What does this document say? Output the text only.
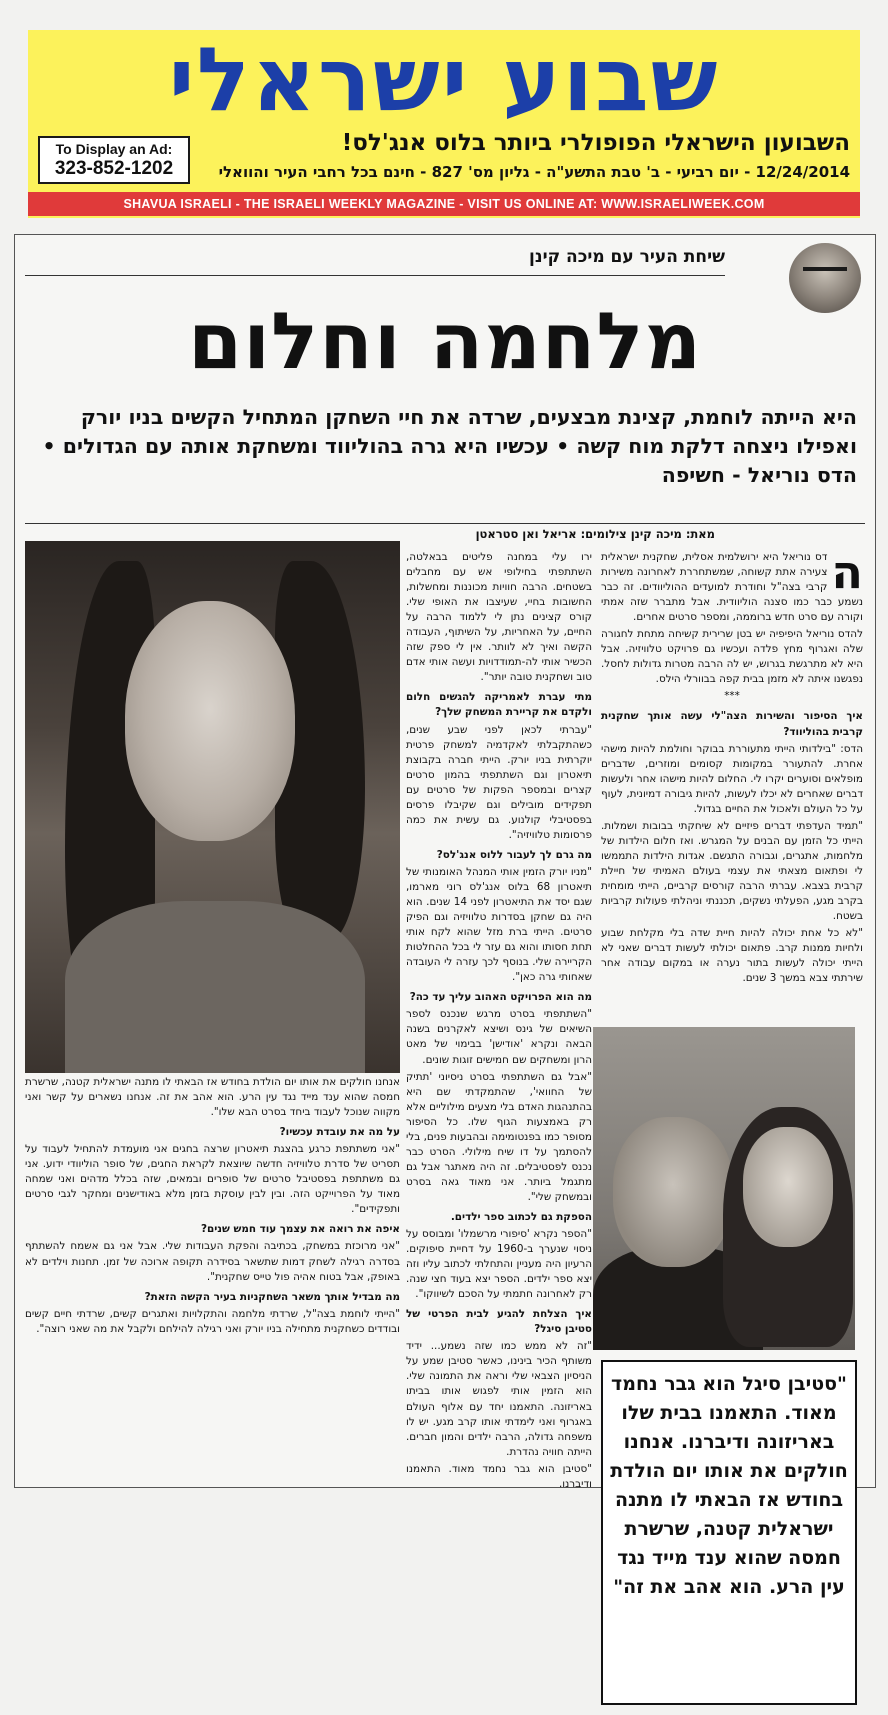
שבוע ישראלי
השבועון הישראלי הפופולרי ביותר בלוס אנג'לס!
12/24/2014 - יום רביעי - ב' טבת התשע"ה - גליון מס' 827 - חינם בכל רחבי העיר והוואלי
To Display an Ad:
323-852-1202
SHAVUA ISRAELI - THE ISRAELI WEEKLY MAGAZINE - VISIT US ONLINE AT: WWW.ISRAELIWEEK.COM
שיחת העיר עם מיכה קינן
מלחמה וחלום
היא הייתה לוחמת, קצינת מבצעים, שרדה את חיי השחקן המתחיל הקשים בניו יורק ואפילו ניצחה דלקת מוח קשה • עכשיו היא גרה בהוליווד ומשחקת אותה עם הגדולים • הדס נוריאל - חשיפה
מאת: מיכה קינן צילומים: אריאל ואן סטראטן
ה

דס נוריאל היא ירושלמית אסלית, שחקנית ישראלית צעירה אתת קשוחה, שמשתחררת לאחרונה משירות קרבי בצה"ל וחודרת למועדים ההוליוודים. זה כבר נשמע כבר כמו סצנה הוליוודית. אבל מתברר שזה אמתי וקורה עם סרט חדש ברוממה, ומספר סרטים אחרים.

להדס נוריאל היפיפיה יש בטן שרירית קשיחה מתחת לחגורה שלה ואגרוף מחץ פלדה ועכשיו גם פרויקט טלוויזיה. אבל היא לא מתרגשת בגרוש, יש לה הרבה מטרות גדולות לחסל. נפגשנו איתה לא מזמן בבית קפה בבוורלי הילס.

***

איך הסיפור והשירות הצה"לי עשה אותך שחקנית קרבית בהוליווד?

הדס: "בילדותי הייתי מתעוררת בבוקר וחולמת להיות מישהי אחרת. להתעורר במקומות קסומים ומוזרים, שדברים מופלאים וסוערים יקרו לי. החלום להיות מישהו אחר ולעשות דברים שאחרים לא יכלו לעשות, להיות גיבורה דמיונית, לעוף על כל העולם ולאכול את החיים בגדול.

"תמיד העדפתי דברים פיזיים לא שיחקתי בבובות ושמלות. הייתי כל הזמן עם הבנים על המגרש. ואז חלום הילדות של מלחמות, אתגרים, וגבורה התגשם. אגדות הילדות התממשו לי ופתאום מצאתי את עצמי בעולם האמיתי של חיילת קרבית בצבא. עברתי הרבה קורסים קרביים, הייתי מומחית בקרב מגע, הפעלתי נשקים, תכננתי וניהלתי פעולות קרביות בשטח.

"לא כל אחת יכולה להיות חיית שדה בלי מקלחת שבוע ולחיות ממנות קרב. פתאום יכולתי לעשות דברים שאני לא הייתי יכולה לעשות בתור נערה או במקום עבודה אחר שירתתי צבא במשך 3 שנים.

ירו עלי במחנה פליטים בבאלטה, השתתפתי בחילופי אש עם מחבלים בשטחים. הרבה חוויות מכוננות ומחשלות, החשובות בחיי, שעיצבו את האופי שלי. קורס קצינים נתן לי ללמוד הרבה על החיים, על האחריות, על השיתוף, העבודה הקשה ואיך לא לוותר. אין לי ספק שזה הכשיר אותי לה-תמודדויות ועשה אותי אדם טוב ושחקנית טובה יותר".

מתי עברת לאמריקה להגשים חלום ולקדם את קריירת המשחק שלך?

"עברתי לכאן לפני שבע שנים, כשהתקבלתי לאקדמיה למשחק פרטית יוקרתית בניו יורק. הייתי חברה בקבוצת תיאטרון וגם השתתפתי בהמון סרטים קצרים ובמספר הפקות של סרטים עם תפקידים מובילים וגם שקיבלו פרסים בפסטיבלי קולנוע. גם עשית את כמה פרסומות טלוויזיה".

מה גרם לך לעבור ללוס אנג'לס?

"מניו יורק הזמין אותי המנהל האומנותי של תיאטרון 68 בלוס אנג'לס רוני מארמו, שגם יסד את התיאטרון לפני 14 שנים. הוא היה גם שחקן בסדרות טלוויזיה וגם הפיק סרטים. הייתי ברת מזל שהוא לקח אותי תחת חסותו והוא גם עזר לי בכל ההחלטות הקריירה שלי. בנוסף לכך עזרה לי העובדה שאחותי גרה כאן".

מה הוא הפרויקט האהוב עליך עד כה?

"השתתפתי בסרט מרגש שנכנס לספר השיאים של גינס ושיצא לאקרנים בשנה הבאה ונקרא 'אודישן' בבימוי של מאט הרון ומשחקים שם חמישים זוגות שונים.

"אבל גם השתתפתי בסרט ניסיוני 'תתיק של החוואי', שהתמקדתי שם היא בהתנהגות האדם בלי מצעים מילוליים אלא רק באמצעות הגוף שלו. כל הסיפור מסופר כמו בפנטומימה ובהבעות פנים, בלי להסתמך על דו שיח מילולי. הסרט כבר נכנס לפסטיבלים. זה היה מאתגר אבל גם מתגמל ביותר. אני מאוד גאה בסרט ובמשחק שלי".

הספקת גם לכתוב ספר ילדים.

"הספר נקרא 'סיפורי מרשמלו' ומבוסס על ניסוי שנערך ב-1960 על דחיית סיפוקים. הרעיון היה מעניין והתחלתי לכתוב עליו וזה יצא ספר ילדים. הספר יצא בעוד חצי שנה. רק לאחרונה חתמתי על הסכם לשיווקו".

איך הצלחת להגיע לבית הפרטי של סטיבן סיגל?

"זה לא ממש כמו שזה נשמע... ידיד משותף הכיר בינינו, כאשר סטיבן שמע על הניסיון הצבאי שלי וראה את התמונה שלי. הוא הזמין אותי לפגוש אותו בביתו באריזונה. התאמנו יחד עם אלוף העולם באגרוף ואני לימדתי אותו קרב מגע. יש לו משפחה גדולה, הרבה ילדים והמון חברים. הייתה חוויה נהדרת.

"סטיבן הוא גבר נחמד מאוד. התאמנו ודיברנו.

אנחנו חולקים את אותו יום הולדת בחודש אז הבאתי לו מתנה ישראלית קטנה, שרשרת חמסה שהוא ענד מייד נגד עין הרע. הוא אהב את זה. אנחנו נשארים על קשר ואני מקווה שנוכל לעבוד ביחד בסרט הבא שלו".

על מה את עובדת עכשיו?

"אני משתתפת כרגע בהצגת תיאטרון שרצה בחגים אני מועמדת להתחיל לעבוד על תסריט של סדרת טלוויזיה חדשה שיוצאת לקראת החגים, של סופר הוליוודי ידוע. אני גם משתתפת בפסטיבל סרטים של סופרים ובמאים, שזה בכלל מדהים ואני שמחה מאוד על הפרוייקט הזה. ובין לבין עוסקת בזמן מלא באודישנים ומחקר לגבי סרטים ותפקידים".

איפה את רואה את עצמך עוד חמש שנים?

"אני מרוכזת במשחק, בכתיבה והפקת העבודות שלי. אבל אני גם אשמח להשתתף בסדרה רגילה לשחק דמות שתשאר בסידרה תקופה ארוכה של זמן. תחנות וילדים לא באופק, אבל בטוח אהיה פול טייס שחקנית".

מה מבדיל אותך משאר השחקניות בעיר הקשה הזאת?

"הייתי לוחמת בצה"ל, שרדתי מלחמה והתקלויות ואתגרים קשים, שרדתי חיים קשים ובודדים כשחקנית מתחילה בניו יורק ואני רגילה להילחם ולקבל את מה שאני רוצה".

"סטיבן סיגל הוא גבר נחמד מאוד. התאמנו בבית שלו באריזונה ודיברנו. אנחנו חולקים את אותו יום הולדת בחודש אז הבאתי לו מתנה ישראלית קטנה, שרשרת חמסה שהוא ענד מייד נגד עין הרע. הוא אהב את זה"
